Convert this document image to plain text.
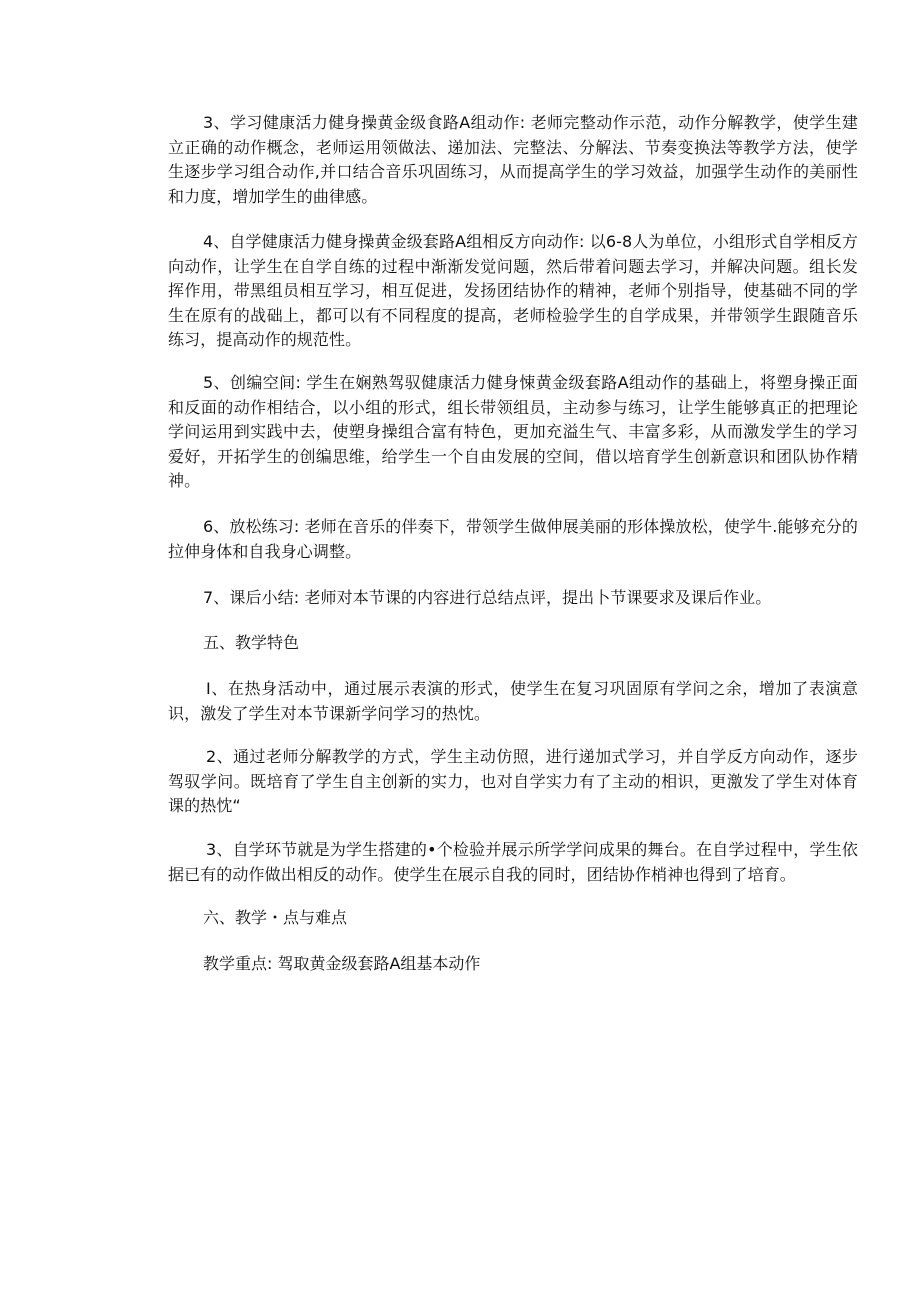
3、学习健康活力健身操黄金级食路A组动作: 老师完整动作示范，动作分解教学，使学生建立正确的动作概念，老师运用领做法、递加法、完整法、分解法、节奏变换法等教学方法，使学生逐步学习组合动作,并口结合音乐巩固练习，从而提高学生的学习效益，加强学生动作的美丽性和力度，增加学生的曲律感。

4、自学健康活力健身操黄金级套路A组相反方向动作: 以6-8人为单位，小组形式自学相反方向动作，让学生在自学自练的过程中渐渐发觉问题，然后带着问题去学习，并解决问题。组长发挥作用，带黑组员相互学习，相互促进，发扬团结协作的精神，老师个别指导，使基础不同的学生在原有的战础上，都可以有不同程度的提高，老师检验学生的自学成果，并带领学生跟随音乐练习，提高动作的规范性。

5、创编空间: 学生在娴熟驾驭健康活力健身悚黄金级套路A组动作的基础上，将塑身操正面和反面的动作相结合，以小组的形式，组长带领组员，主动参与练习，让学生能够真正的把理论学问运用到实践中去，使塑身操组合富有特色，更加充溢生气、丰富多彩，从而激发学生的学习爱好，开拓学生的创编思维，给学生一个自由发展的空间，借以培育学生创新意识和团队协作精神。

6、放松练习: 老师在音乐的伴奏下，带领学生做伸展美丽的形体操放松，使学牛.能够充分的拉伸身体和自我身心调整。

7、课后小结: 老师对本节课的内容进行总结点评，提出卜节课要求及课后作业。

五、教学特色

I、在热身活动中，通过展示表演的形式，使学生在复习巩固原有学问之余，增加了表演意识，激发了学生对本节课新学问学习的热忱。

2、通过老师分解教学的方式，学生主动仿照，进行递加式学习，并自学反方向动作，逐步驾驭学问。既培育了学生自主创新的实力，也对自学实力有了主动的相识，更激发了学生对体育课的热忱“

3、自学环节就是为学生搭建的•个检验并展示所学学问成果的舞台。在自学过程中，学生依据已有的动作做出相反的动作。使学生在展示自我的同时，团结协作梢神也得到了培育。

六、教学・点与难点

教学重点: 驾取黄金级套路A组基本动作
